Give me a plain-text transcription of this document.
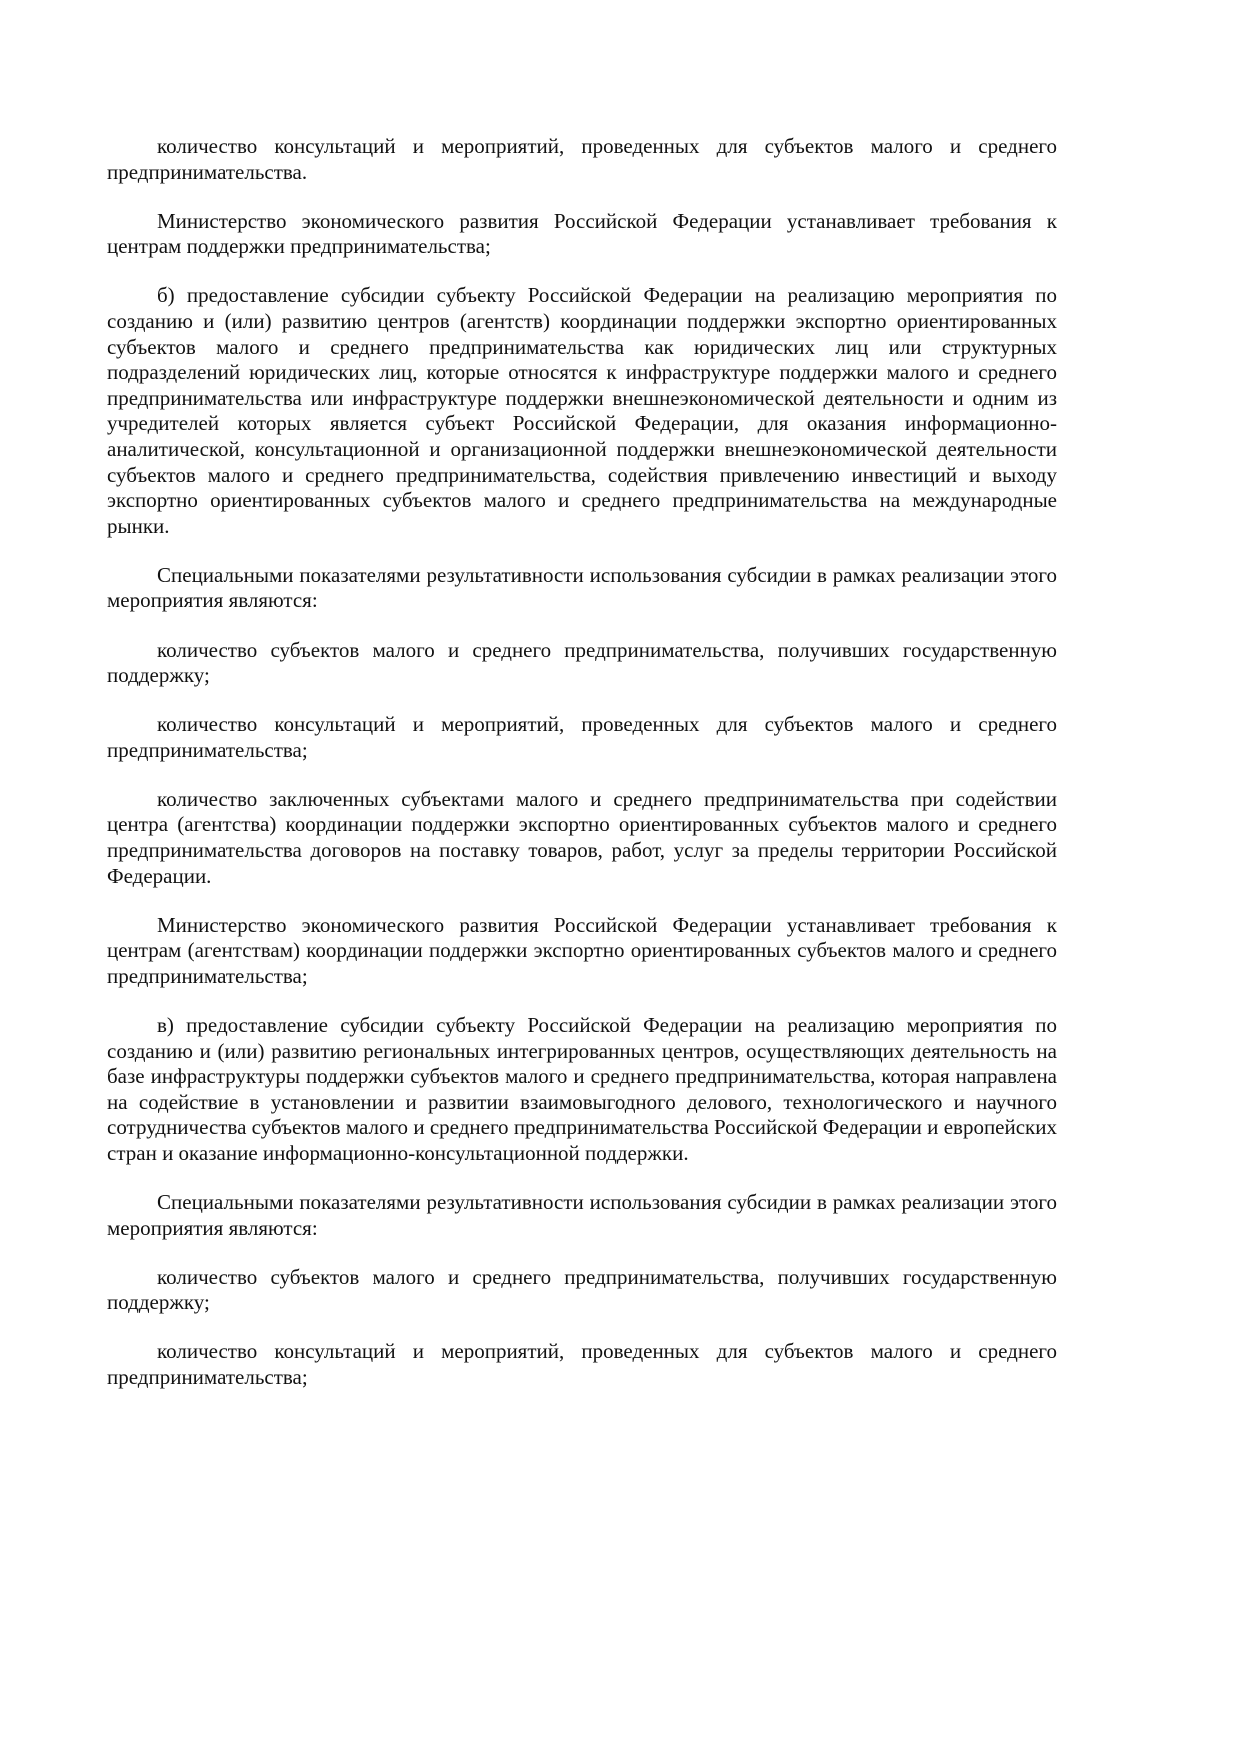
количество консультаций и мероприятий, проведенных для субъектов малого и среднего предпринимательства.

Министерство экономического развития Российской Федерации устанавливает требования к центрам поддержки предпринимательства;

б) предоставление субсидии субъекту Российской Федерации на реализацию мероприятия по созданию и (или) развитию центров (агентств) координации поддержки экспортно ориентированных субъектов малого и среднего предпринимательства как юридических лиц или структурных подразделений юридических лиц, которые относятся к инфраструктуре поддержки малого и среднего предпринимательства или инфраструктуре поддержки внешнеэкономической деятельности и одним из учредителей которых является субъект Российской Федерации, для оказания информационно-аналитической, консультационной и организационной поддержки внешнеэкономической деятельности субъектов малого и среднего предпринимательства, содействия привлечению инвестиций и выходу экспортно ориентированных субъектов малого и среднего предпринимательства на международные рынки.

Специальными показателями результативности использования субсидии в рамках реализации этого мероприятия являются:

количество субъектов малого и среднего предпринимательства, получивших государственную поддержку;

количество консультаций и мероприятий, проведенных для субъектов малого и среднего предпринимательства;

количество заключенных субъектами малого и среднего предпринимательства при содействии центра (агентства) координации поддержки экспортно ориентированных субъектов малого и среднего предпринимательства договоров на поставку товаров, работ, услуг за пределы территории Российской Федерации.

Министерство экономического развития Российской Федерации устанавливает требования к центрам (агентствам) координации поддержки экспортно ориентированных субъектов малого и среднего предпринимательства;

в) предоставление субсидии субъекту Российской Федерации на реализацию мероприятия по созданию и (или) развитию региональных интегрированных центров, осуществляющих деятельность на базе инфраструктуры поддержки субъектов малого и среднего предпринимательства, которая направлена на содействие в установлении и развитии взаимовыгодного делового, технологического и научного сотрудничества субъектов малого и среднего предпринимательства Российской Федерации и европейских стран и оказание информационно-консультационной поддержки.

Специальными показателями результативности использования субсидии в рамках реализации этого мероприятия являются:

количество субъектов малого и среднего предпринимательства, получивших государственную поддержку;

количество консультаций и мероприятий, проведенных для субъектов малого и среднего предпринимательства;
